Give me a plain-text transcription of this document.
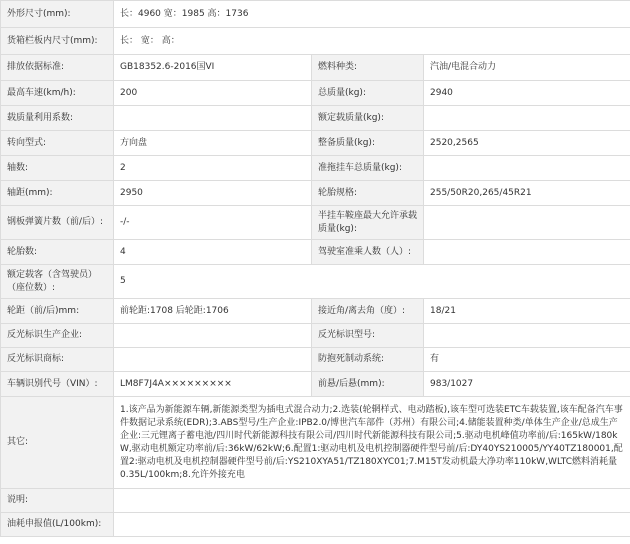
外形尺寸(mm):	长：4960 宽：1985 高：1736		
货箱栏板内尺寸(mm):	长： 宽： 高：		
排放依据标准:	GB18352.6-2016国VI	燃料种类:	汽油/电混合动力
最高车速(km/h):	200	总质量(kg):	2940
载质量利用系数:		额定载质量(kg):	
转向型式:	方向盘	整备质量(kg):	2520,2565
轴数:	2	准拖挂车总质量(kg):	
轴距(mm):	2950	轮胎规格:	255/50R20,265/45R21
钢板弹簧片数（前/后）:	-/-	半挂车鞍座最大允许承载质量(kg):	
轮胎数:	4	驾驶室准乘人数（人）:	
额定载客（含驾驶员）（座位数）:	5		
轮距（前/后)mm:	前轮距:1708 后轮距:1706	接近角/离去角（度）:	18/21
反光标识生产企业:		反光标识型号:	
反光标识商标:		防抱死制动系统:	有
车辆识别代号（VIN）:	LM8F7J4A×××××××××	前悬/后悬(mm):	983/1027
其它:	1.该产品为新能源车辆,新能源类型为插电式混合动力;2.选装(轮辋样式、电动踏板),该车型可选装ETC车载装置,该车配备汽车事件数据记录系统(EDR);3.ABS型号/生产企业:IPB2.0/博世汽车部件（苏州）有限公司;4.储能装置种类/单体生产企业/总成生产企业:三元锂离子蓄电池/四川时代新能源科技有限公司/四川时代新能源科技有限公司;5.驱动电机峰值功率前/后:165kW/180kW,驱动电机额定功率前/后:36kW/62kW;6.配置1:驱动电机及电机控制器硬件型号前/后:DY40YS210005/YY40TZ180001,配置2:驱动电机及电机控制器硬件型号前/后:YS210XYA51/TZ180XYC01;7.M15T发动机最大净功率110kW,WLTC燃料消耗量0.35L/100km;8.允许外接充电		
说明:			
油耗申报值(L/100km):			
